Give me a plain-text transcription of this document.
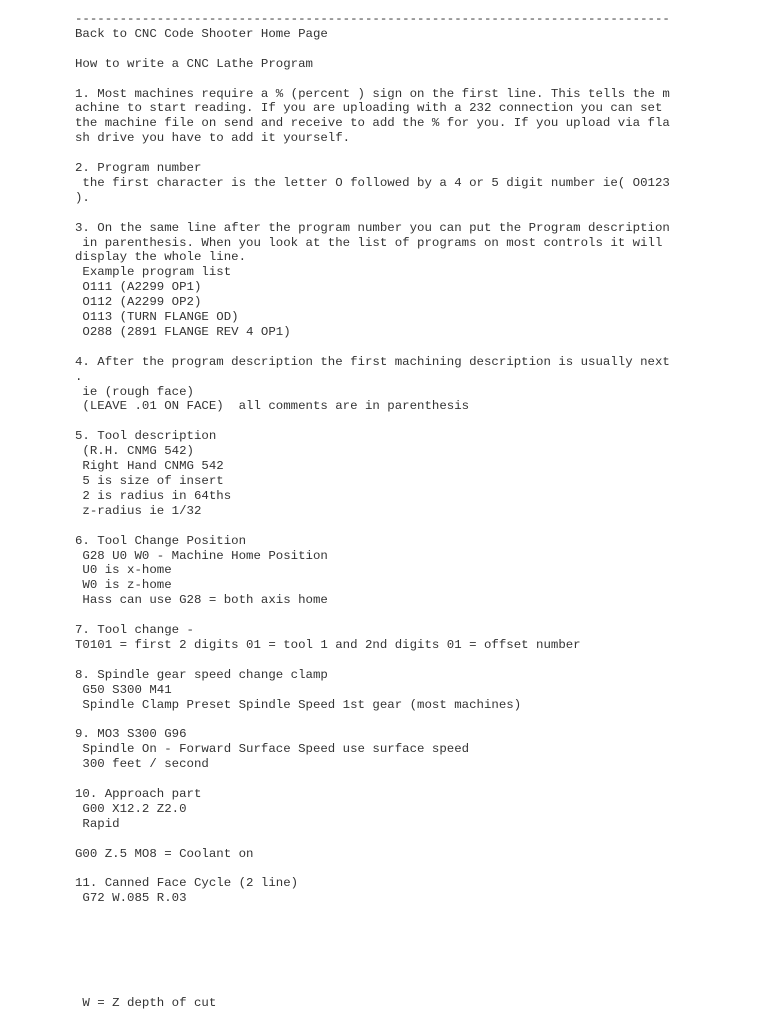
--------------------------------------------------------------------------------
Back to CNC Code Shooter Home Page
How to write a CNC Lathe Program
1. Most machines require a % (percent ) sign on the first line. This tells the m
achine to start reading. If you are uploading with a 232 connection you can set
the machine file on send and receive to add the % for you. If you upload via fla
sh drive you have to add it yourself.
2. Program number
the first character is the letter O followed by a 4 or 5 digit number ie( O0123
).
3. On the same line after the program number you can put the Program description
in parenthesis. When you look at the list of programs on most controls it will
display the whole line.
Example program list
O111 (A2299 OP1)
O112 (A2299 OP2)
O113 (TURN FLANGE OD)
O288 (2891 FLANGE REV 4 OP1)
4. After the program description the first machining description is usually next
.
ie (rough face)
(LEAVE .01 ON FACE)  all comments are in parenthesis
5. Tool description
(R.H. CNMG 542)
Right Hand CNMG 542
5 is size of insert
2 is radius in 64ths
z-radius ie 1/32
6. Tool Change Position
G28 U0 W0 - Machine Home Position
U0 is x-home
W0 is z-home
Hass can use G28 = both axis home
7. Tool change -
T0101 = first 2 digits 01 = tool 1 and 2nd digits 01 = offset number
8. Spindle gear speed change clamp
G50 S300 M41
Spindle Clamp Preset Spindle Speed 1st gear (most machines)
9. MO3 S300 G96
Spindle On - Forward Surface Speed use surface speed
300 feet / second
10. Approach part
G00 X12.2 Z2.0
Rapid
G00 Z.5 MO8 = Coolant on
11. Canned Face Cycle (2 line)
G72 W.085 R.03
W = Z depth of cut
